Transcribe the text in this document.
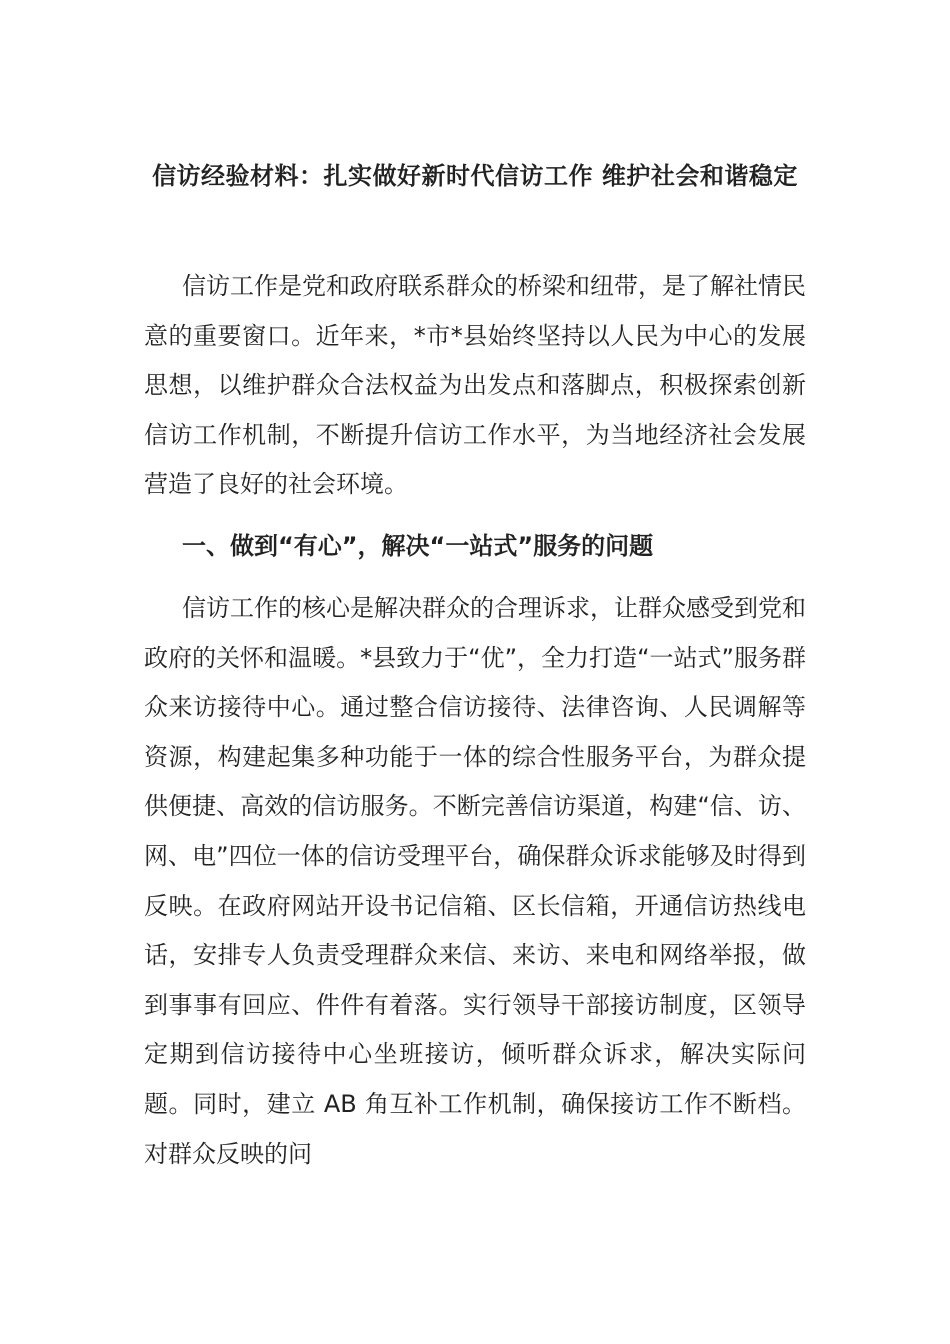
信访经验材料：扎实做好新时代信访工作 维护社会和谐稳定

信访工作是党和政府联系群众的桥梁和纽带，是了解社情民意的重要窗口。近年来，*市*县始终坚持以人民为中心的发展思想，以维护群众合法权益为出发点和落脚点，积极探索创新信访工作机制，不断提升信访工作水平，为当地经济社会发展营造了良好的社会环境。

一、做到“有心”，解决“一站式”服务的问题

信访工作的核心是解决群众的合理诉求，让群众感受到党和政府的关怀和温暖。*县致力于“优”，全力打造“一站式”服务群众来访接待中心。通过整合信访接待、法律咨询、人民调解等资源，构建起集多种功能于一体的综合性服务平台，为群众提供便捷、高效的信访服务。不断完善信访渠道，构建“信、访、网、电”四位一体的信访受理平台，确保群众诉求能够及时得到反映。在政府网站开设书记信箱、区长信箱，开通信访热线电话，安排专人负责受理群众来信、来访、来电和网络举报，做到事事有回应、件件有着落。实行领导干部接访制度，区领导定期到信访接待中心坐班接访，倾听群众诉求，解决实际问题。同时，建立 AB 角互补工作机制，确保接访工作不断档。对群众反映的问
